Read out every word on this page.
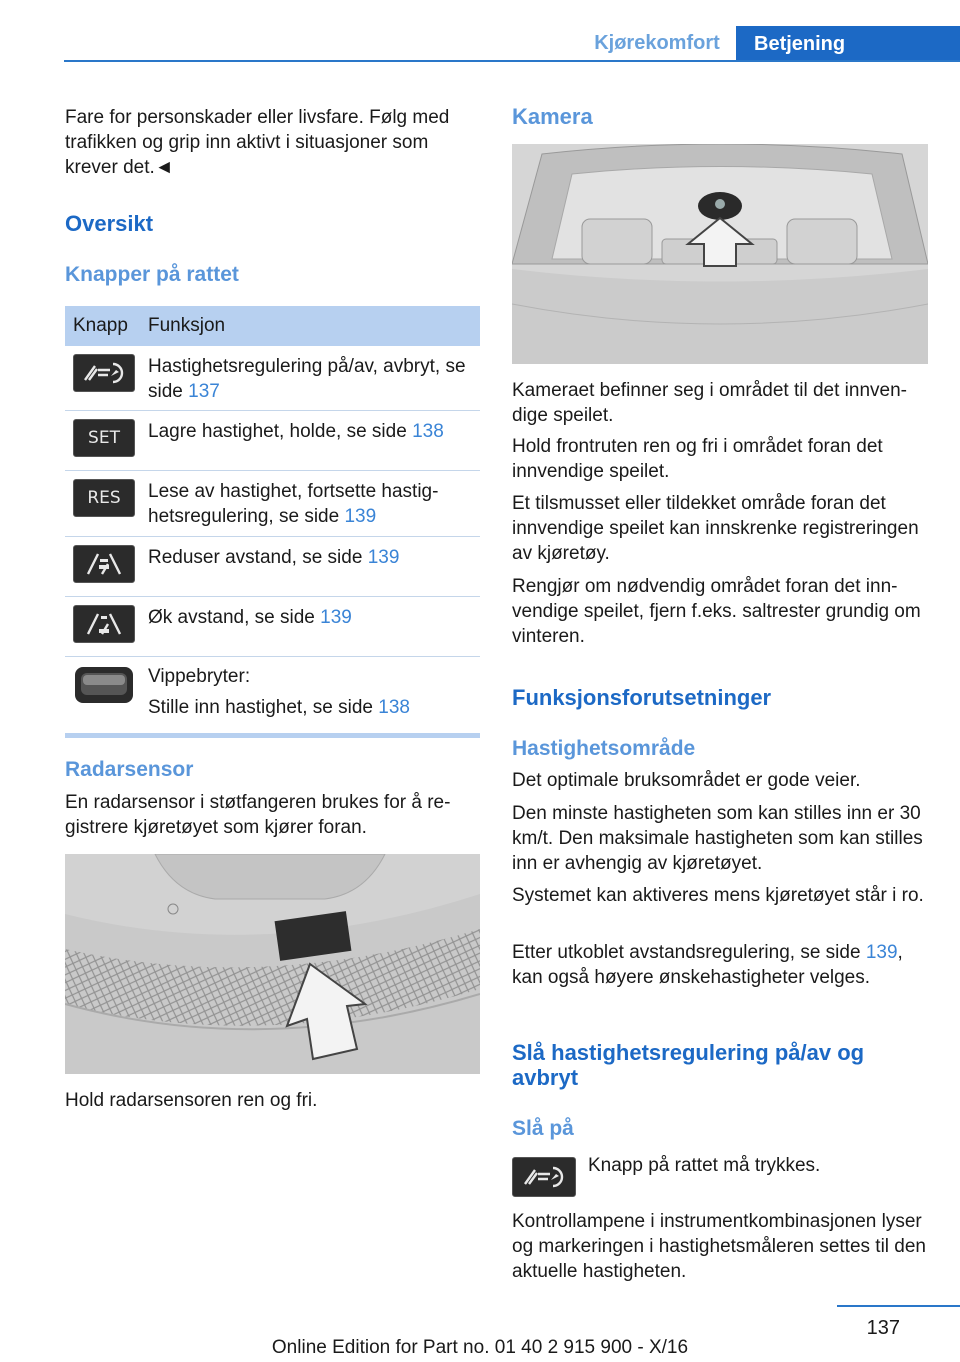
Kjørekomfort	Betjening
Fare for personskader eller livsfare. Følg med trafikken og grip inn aktivt i situasjoner som krever det.◄
Oversikt
Knapper på rattet
Knapp	Funksjon
Hastighetsregulering på/av, avbryt, se side 137
SET	Lagre hastighet, holde, se side 138
RES	Lese av hastighet, fortsette hastighetsregulering, se side 139
Reduser avstand, se side 139
Øk avstand, se side 139
Vippebryter:
Stille inn hastighet, se side 138
Radarsensor
En radarsensor i støtfangeren brukes for å registrere kjøretøyet som kjører foran.
Hold radarsensoren ren og fri.
Kamera
Kameraet befinner seg i området til det innvendige speilet.
Hold frontruten ren og fri i området foran det innvendige speilet.
Et tilsmusset eller tildekket område foran det innvendige speilet kan innskrenke registreringen av kjøretøy.
Rengjør om nødvendig området foran det innvendige speilet, fjern f.eks. saltrester grundig om vinteren.
Funksjonsforutsetninger
Hastighetsområde
Det optimale bruksområdet er gode veier.
Den minste hastigheten som kan stilles inn er 30 km/t. Den maksimale hastigheten som kan stilles inn er avhengig av kjøretøyet.
Systemet kan aktiveres mens kjøretøyet står i ro.
Etter utkoblet avstandsregulering, se side 139, kan også høyere ønskehastigheter velges.
Slå hastighetsregulering på/av og avbryt
Slå på
Knapp på rattet må trykkes.
Kontrollampene i instrumentkombinasjonen lyser og markeringen i hastighetsmåleren settes til den aktuelle hastigheten.
137
Online Edition for Part no. 01 40 2 915 900 - X/16
